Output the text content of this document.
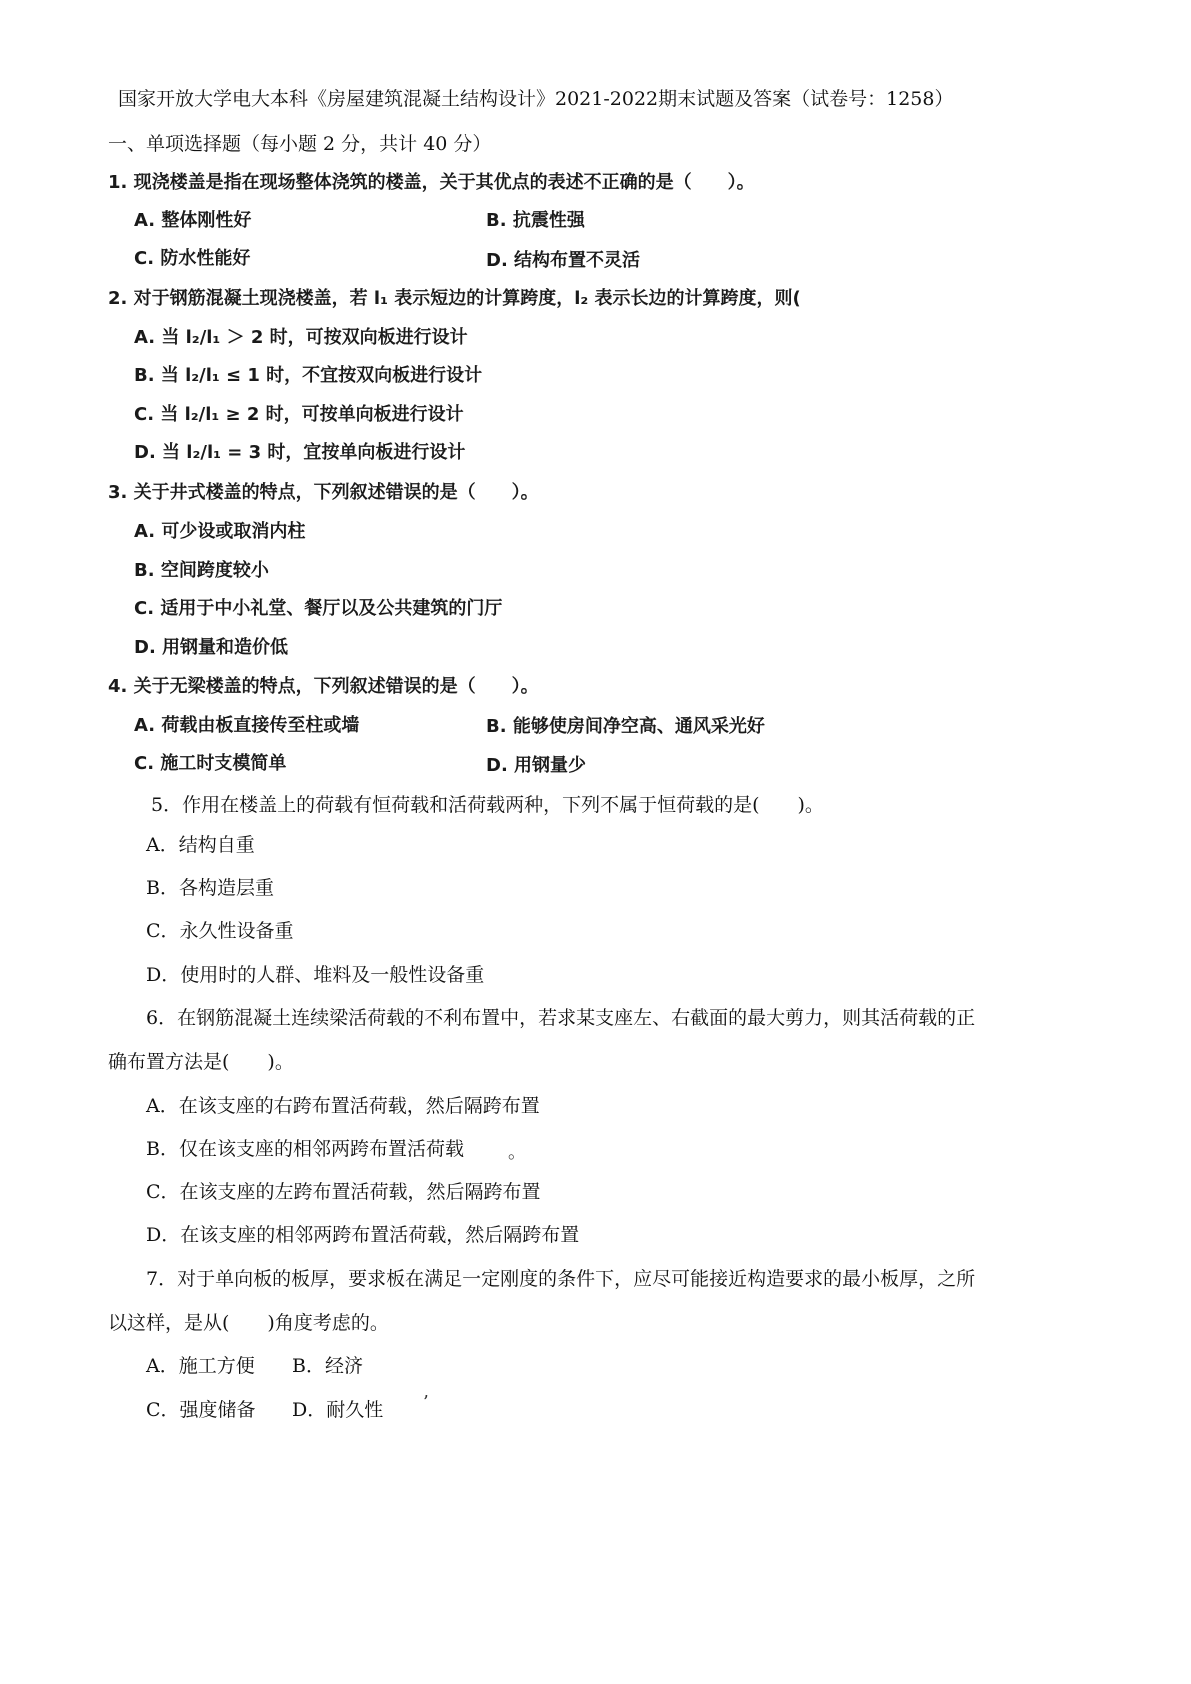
国家开放大学电大本科《房屋建筑混凝土结构设计》2021-2022期末试题及答案（试卷号：1258）
一、单项选择题（每小题 2 分，共计 40 分）
1. 现浇楼盖是指在现场整体浇筑的楼盖，关于其优点的表述不正确的是（　　）。
A. 整体刚性好	B. 抗震性强
C. 防水性能好	D. 结构布置不灵活
2. 对于钢筋混凝土现浇楼盖，若 l₁ 表示短边的计算跨度，l₂ 表示长边的计算跨度，则(
A. 当 l₂/l₁ ＞ 2 时，可按双向板进行设计
B. 当 l₂/l₁ ≤ 1 时，不宜按双向板进行设计
C. 当 l₂/l₁ ≥ 2 时，可按单向板进行设计
D. 当 l₂/l₁ = 3 时，宜按单向板进行设计
3. 关于井式楼盖的特点，下列叙述错误的是（　　）。
A. 可少设或取消内柱
B. 空间跨度较小
C. 适用于中小礼堂、餐厅以及公共建筑的门厅
D. 用钢量和造价低
4. 关于无梁楼盖的特点，下列叙述错误的是（　　）。
A. 荷载由板直接传至柱或墙	B. 能够使房间净空高、通风采光好
C. 施工时支模简单	D. 用钢量少
5．作用在楼盖上的荷载有恒荷载和活荷载两种，下列不属于恒荷载的是(　　)。
A．结构自重
B．各构造层重
C．永久性设备重
D．使用时的人群、堆料及一般性设备重
6．在钢筋混凝土连续梁活荷载的不利布置中，若求某支座左、右截面的最大剪力，则其活荷载的正
确布置方法是(　　)。
A．在该支座的右跨布置活荷载，然后隔跨布置
B．仅在该支座的相邻两跨布置活荷载 。
C．在该支座的左跨布置活荷载，然后隔跨布置
D．在该支座的相邻两跨布置活荷载，然后隔跨布置
7．对于单向板的板厚，要求板在满足一定刚度的条件下，应尽可能接近构造要求的最小板厚，之所
以这样，是从(　　)角度考虑的。
A．施工方便 B．经济
C．强度储备 D．耐久性 ’
